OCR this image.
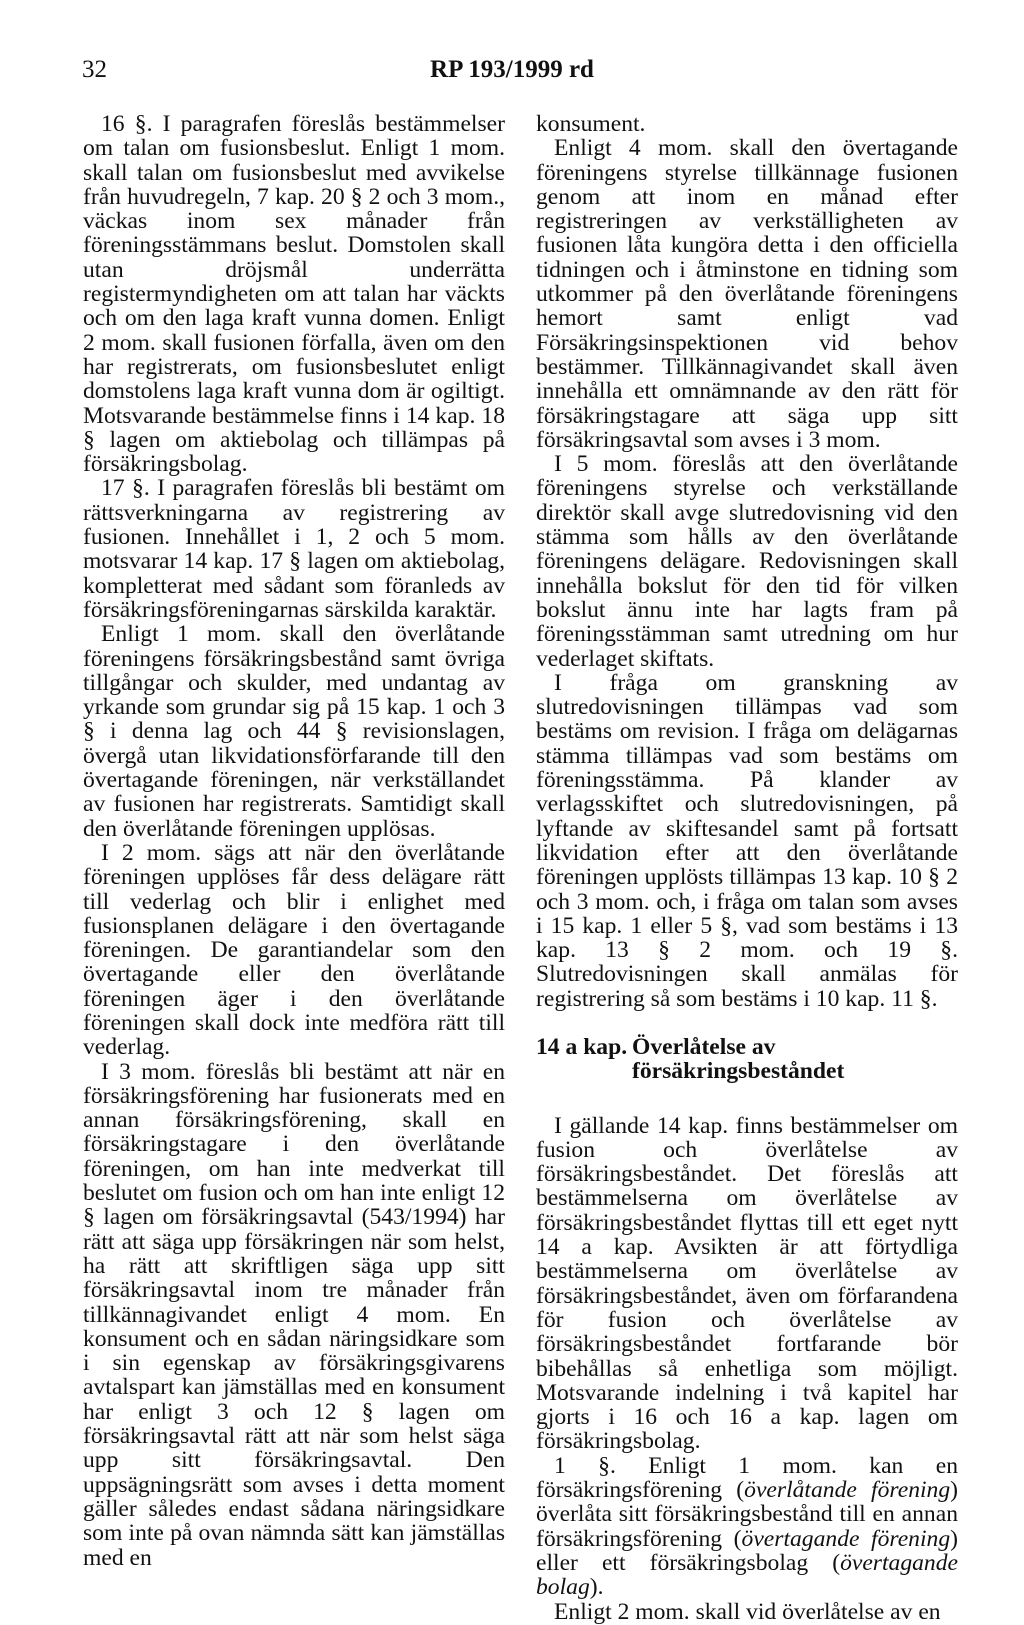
32	RP 193/1999 rd

16 §. I paragrafen föreslås bestämmelser om talan om fusionsbeslut. Enligt 1 mom. skall talan om fusionsbeslut med avvikelse från huvudregeln, 7 kap. 20 § 2 och 3 mom., väckas inom sex månader från föreningsstämmans beslut. Domstolen skall utan dröjsmål underrätta registermyndigheten om att talan har väckts och om den laga kraft vunna domen. Enligt 2 mom. skall fusionen förfalla, även om den har registrerats, om fusionsbeslutet enligt domstolens laga kraft vunna dom är ogiltigt. Motsvarande bestämmelse finns i 14 kap. 18 § lagen om aktiebolag och tillämpas på försäkringsbolag.

17 §. I paragrafen föreslås bli bestämt om rättsverkningarna av registrering av fusionen. Innehållet i 1, 2 och 5 mom. motsvarar 14 kap. 17 § lagen om aktiebolag, kompletterat med sådant som föranleds av försäkringsföreningarnas särskilda karaktär.

Enligt 1 mom. skall den överlåtande föreningens försäkringsbestånd samt övriga tillgångar och skulder, med undantag av yrkande som grundar sig på 15 kap. 1 och 3 § i denna lag och 44 § revisionslagen, övergå utan likvidationsförfarande till den övertagande föreningen, när verkställandet av fusionen har registrerats. Samtidigt skall den överlåtande föreningen upplösas.

I 2 mom. sägs att när den överlåtande föreningen upplöses får dess delägare rätt till vederlag och blir i enlighet med fusionsplanen delägare i den övertagande föreningen. De garantiandelar som den övertagande eller den överlåtande föreningen äger i den överlåtande föreningen skall dock inte medföra rätt till vederlag.

I 3 mom. föreslås bli bestämt att när en försäkringsförening har fusionerats med en annan försäkringsförening, skall en försäkringstagare i den överlåtande föreningen, om han inte medverkat till beslutet om fusion och om han inte enligt 12 § lagen om försäkringsavtal (543/1994) har rätt att säga upp försäkringen när som helst, ha rätt att skriftligen säga upp sitt försäkringsavtal inom tre månader från tillkännagivandet enligt 4 mom. En konsument och en sådan näringsidkare som i sin egenskap av försäkringsgivarens avtalspart kan jämställas med en konsument har enligt 3 och 12 § lagen om försäkringsavtal rätt att när som helst säga upp sitt försäkringsavtal. Den uppsägningsrätt som avses i detta moment gäller således endast sådana näringsidkare som inte på ovan nämnda sätt kan jämställas med en

konsument.

Enligt 4 mom. skall den övertagande föreningens styrelse tillkännage fusionen genom att inom en månad efter registreringen av verkställigheten av fusionen låta kungöra detta i den officiella tidningen och i åtminstone en tidning som utkommer på den överlåtande föreningens hemort samt enligt vad Försäkringsinspektionen vid behov bestämmer. Tillkännagivandet skall även innehålla ett omnämnande av den rätt för försäkringstagare att säga upp sitt försäkringsavtal som avses i 3 mom.

I 5 mom. föreslås att den överlåtande föreningens styrelse och verkställande direktör skall avge slutredovisning vid den stämma som hålls av den överlåtande föreningens delägare. Redovisningen skall innehålla bokslut för den tid för vilken bokslut ännu inte har lagts fram på föreningsstämman samt utredning om hur vederlaget skiftats.

I fråga om granskning av slutredovisningen tillämpas vad som bestäms om revision. I fråga om delägarnas stämma tillämpas vad som bestäms om föreningsstämma. På klander av verlagsskiftet och slutredovisningen, på lyftande av skiftesandel samt på fortsatt likvidation efter att den överlåtande föreningen upplösts tillämpas 13 kap. 10 § 2 och 3 mom. och, i fråga om talan som avses i 15 kap. 1 eller 5 §, vad som bestäms i 13 kap. 13 § 2 mom. och 19 §. Slutredovisningen skall anmälas för registrering så som bestäms i 10 kap. 11 §.

14 a kap. Överlåtelse av försäkringsbeståndet

I gällande 14 kap. finns bestämmelser om fusion och överlåtelse av försäkringsbeståndet. Det föreslås att bestämmelserna om överlåtelse av försäkringsbeståndet flyttas till ett eget nytt 14 a kap. Avsikten är att förtydliga bestämmelserna om överlåtelse av försäkringsbeståndet, även om förfarandena för fusion och överlåtelse av försäkringsbeståndet fortfarande bör bibehållas så enhetliga som möjligt. Motsvarande indelning i två kapitel har gjorts i 16 och 16 a kap. lagen om försäkringsbolag.

1 §. Enligt 1 mom. kan en försäkringsförening (överlåtande förening) överlåta sitt försäkringsbestånd till en annan försäkringsförening (övertagande förening) eller ett försäkringsbolag (övertagande bolag).

Enligt 2 mom. skall vid överlåtelse av en
